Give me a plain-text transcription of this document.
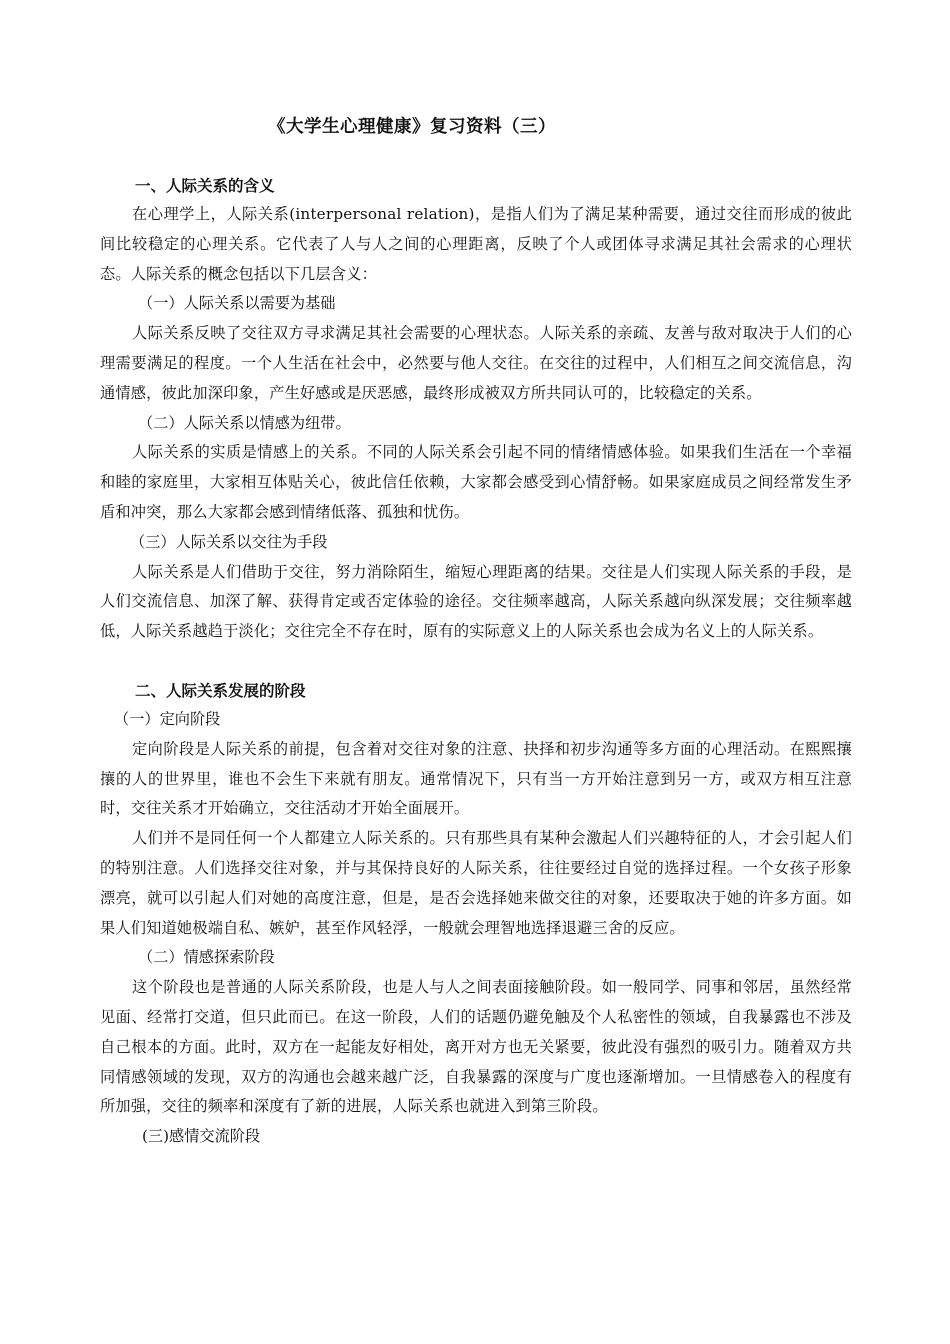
《大学生心理健康》复习资料（三）

一、人际关系的含义

在心理学上，人际关系(interpersonal relation)，是指人们为了满足某种需要，通过交往而形成的彼此间比较稳定的心理关系。它代表了人与人之间的心理距离，反映了个人或团体寻求满足其社会需求的心理状态。人际关系的概念包括以下几层含义：

（一）人际关系以需要为基础

人际关系反映了交往双方寻求满足其社会需要的心理状态。人际关系的亲疏、友善与敌对取决于人们的心理需要满足的程度。一个人生活在社会中，必然要与他人交往。在交往的过程中，人们相互之间交流信息，沟通情感，彼此加深印象，产生好感或是厌恶感，最终形成被双方所共同认可的，比较稳定的关系。

（二）人际关系以情感为纽带。

人际关系的实质是情感上的关系。不同的人际关系会引起不同的情绪情感体验。如果我们生活在一个幸福和睦的家庭里，大家相互体贴关心，彼此信任依赖，大家都会感受到心情舒畅。如果家庭成员之间经常发生矛盾和冲突，那么大家都会感到情绪低落、孤独和忧伤。

（三）人际关系以交往为手段

人际关系是人们借助于交往，努力消除陌生，缩短心理距离的结果。交往是人们实现人际关系的手段，是人们交流信息、加深了解、获得肯定或否定体验的途径。交往频率越高，人际关系越向纵深发展；交往频率越低，人际关系越趋于淡化；交往完全不存在时，原有的实际意义上的人际关系也会成为名义上的人际关系。

二、人际关系发展的阶段

（一）定向阶段

定向阶段是人际关系的前提，包含着对交往对象的注意、抉择和初步沟通等多方面的心理活动。在熙熙攘攘的人的世界里，谁也不会生下来就有朋友。通常情况下，只有当一方开始注意到另一方，或双方相互注意时，交往关系才开始确立，交往活动才开始全面展开。

人们并不是同任何一个人都建立人际关系的。只有那些具有某种会激起人们兴趣特征的人，才会引起人们的特别注意。人们选择交往对象，并与其保持良好的人际关系，往往要经过自觉的选择过程。一个女孩子形象漂亮，就可以引起人们对她的高度注意，但是，是否会选择她来做交往的对象，还要取决于她的许多方面。如果人们知道她极端自私、嫉妒，甚至作风轻浮，一般就会理智地选择退避三舍的反应。

（二）情感探索阶段

这个阶段也是普通的人际关系阶段，也是人与人之间表面接触阶段。如一般同学、同事和邻居，虽然经常见面、经常打交道，但只此而已。在这一阶段，人们的话题仍避免触及个人私密性的领域，自我暴露也不涉及自己根本的方面。此时，双方在一起能友好相处，离开对方也无关紧要，彼此没有强烈的吸引力。随着双方共同情感领域的发现，双方的沟通也会越来越广泛，自我暴露的深度与广度也逐渐增加。一旦情感卷入的程度有所加强，交往的频率和深度有了新的进展，人际关系也就进入到第三阶段。

(三)感情交流阶段
